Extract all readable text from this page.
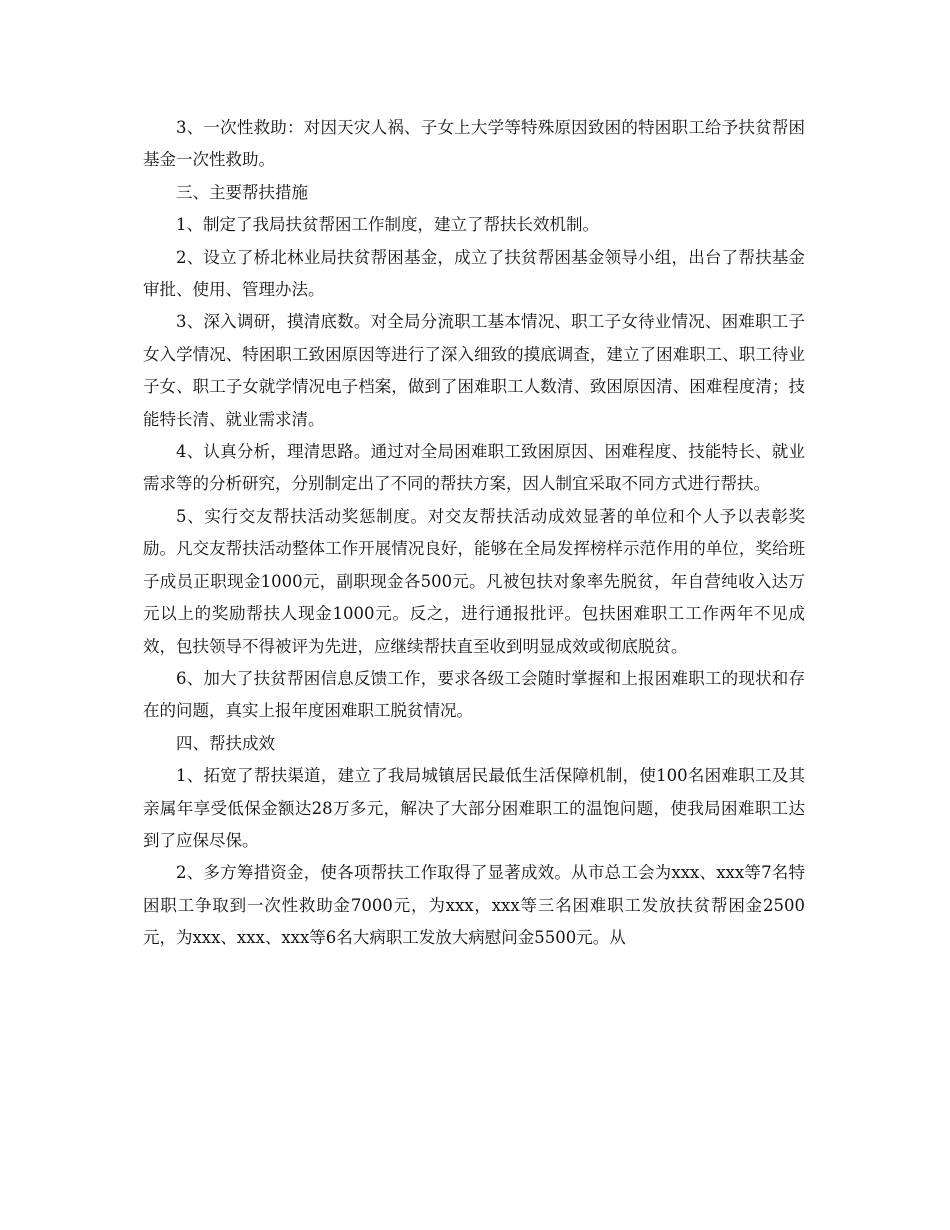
3、一次性救助：对因天灾人祸、子女上大学等特殊原因致困的特困职工给予扶贫帮困基金一次性救助。

三、主要帮扶措施

1、制定了我局扶贫帮困工作制度，建立了帮扶长效机制。

2、设立了桥北林业局扶贫帮困基金，成立了扶贫帮困基金领导小组，出台了帮扶基金审批、使用、管理办法。

3、深入调研，摸清底数。对全局分流职工基本情况、职工子女待业情况、困难职工子女入学情况、特困职工致困原因等进行了深入细致的摸底调查，建立了困难职工、职工待业子女、职工子女就学情况电子档案，做到了困难职工人数清、致困原因清、困难程度清；技能特长清、就业需求清。

4、认真分析，理清思路。通过对全局困难职工致困原因、困难程度、技能特长、就业需求等的分析研究，分别制定出了不同的帮扶方案，因人制宜采取不同方式进行帮扶。

5、实行交友帮扶活动奖惩制度。对交友帮扶活动成效显著的单位和个人予以表彰奖励。凡交友帮扶活动整体工作开展情况良好，能够在全局发挥榜样示范作用的单位，奖给班子成员正职现金1000元，副职现金各500元。凡被包扶对象率先脱贫，年自营纯收入达万元以上的奖励帮扶人现金1000元。反之，进行通报批评。包扶困难职工工作两年不见成效，包扶领导不得被评为先进，应继续帮扶直至收到明显成效或彻底脱贫。

6、加大了扶贫帮困信息反馈工作，要求各级工会随时掌握和上报困难职工的现状和存在的问题，真实上报年度困难职工脱贫情况。

四、帮扶成效

1、拓宽了帮扶渠道，建立了我局城镇居民最低生活保障机制，使100名困难职工及其亲属年享受低保金额达28万多元，解决了大部分困难职工的温饱问题，使我局困难职工达到了应保尽保。

2、多方筹措资金，使各项帮扶工作取得了显著成效。从市总工会为xxx、xxx等7名特困职工争取到一次性救助金7000元，为xxx，xxx等三名困难职工发放扶贫帮困金2500元，为xxx、xxx、xxx等6名大病职工发放大病慰问金5500元。从
